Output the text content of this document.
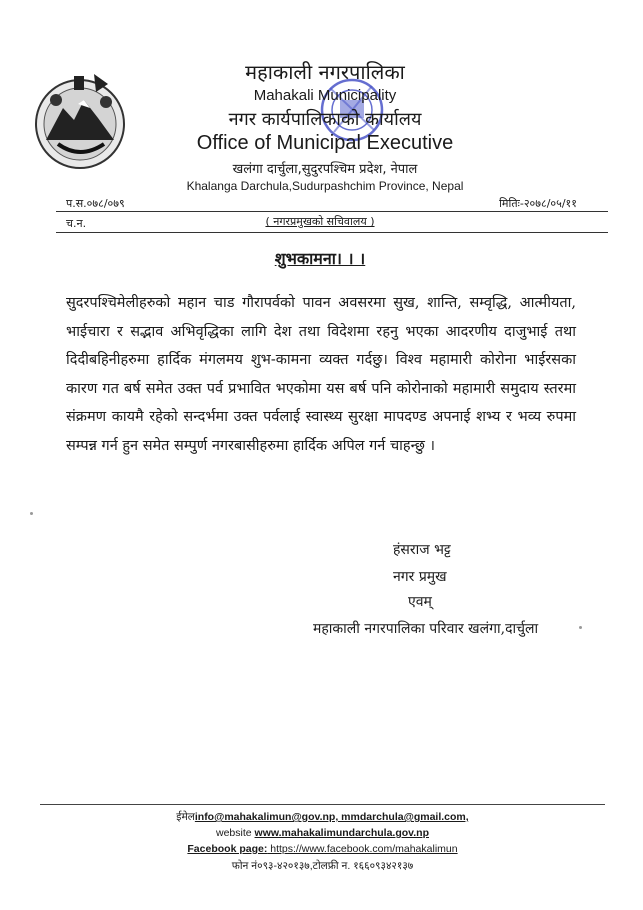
महाकाली नगरपालिका
Mahakali Municipality
नगर कार्यपालिकाको कार्यालय
Office of Municipal Executive
खलंगा दार्चुला,सुदुरपश्चिम प्रदेश, नेपाल
Khalanga Darchula,Sudurpashchim Province, Nepal
प.स.०७८/०७९	मितिः-२०७८/०५/११
च.न.	( नगरप्रमुखको सचिवालय )
शुभकामना। । ।
सुदरपश्चिमेलीहरुको महान चाड गौरापर्वको पावन अवसरमा सुख, शान्ति, सम्वृद्धि, आत्मीयता, भाईचारा र सद्भाव अभिवृद्धिका लागि देश तथा विदेशमा रहनु भएका आदरणीय दाजुभाई तथा दिदीबहिनीहरुमा हार्दिक मंगलमय शुभ-कामना व्यक्त गर्दछु। विश्व महामारी कोरोना भाईरसका कारण गत बर्ष समेत उक्त पर्व प्रभावित भएकोमा यस बर्ष पनि कोरोनाको महामारी समुदाय स्तरमा संक्रमण कायमै रहेको सन्दर्भमा उक्त पर्वलाई स्वास्थ्य सुरक्षा मापदण्ड अपनाई शभ्य र भव्य रुपमा सम्पन्न गर्न हुन समेत सम्पुर्ण नगरबासीहरुमा हार्दिक अपिल गर्न चाहन्छु ।
हंसराज भट्ट
नगर प्रमुख
एवम्
महाकाली नगरपालिका परिवार खलंगा,दार्चुला
ईमेलinfo@mahakalimun@gov.np, mmdarchula@gmail.com,
website www.mahakalimundarchula.gov.np
Facebook page: https://www.facebook.com/mahakalimun
फोन नं०९३-४२०१३७,टोलफ्री न. १६६०९३४२१३७
